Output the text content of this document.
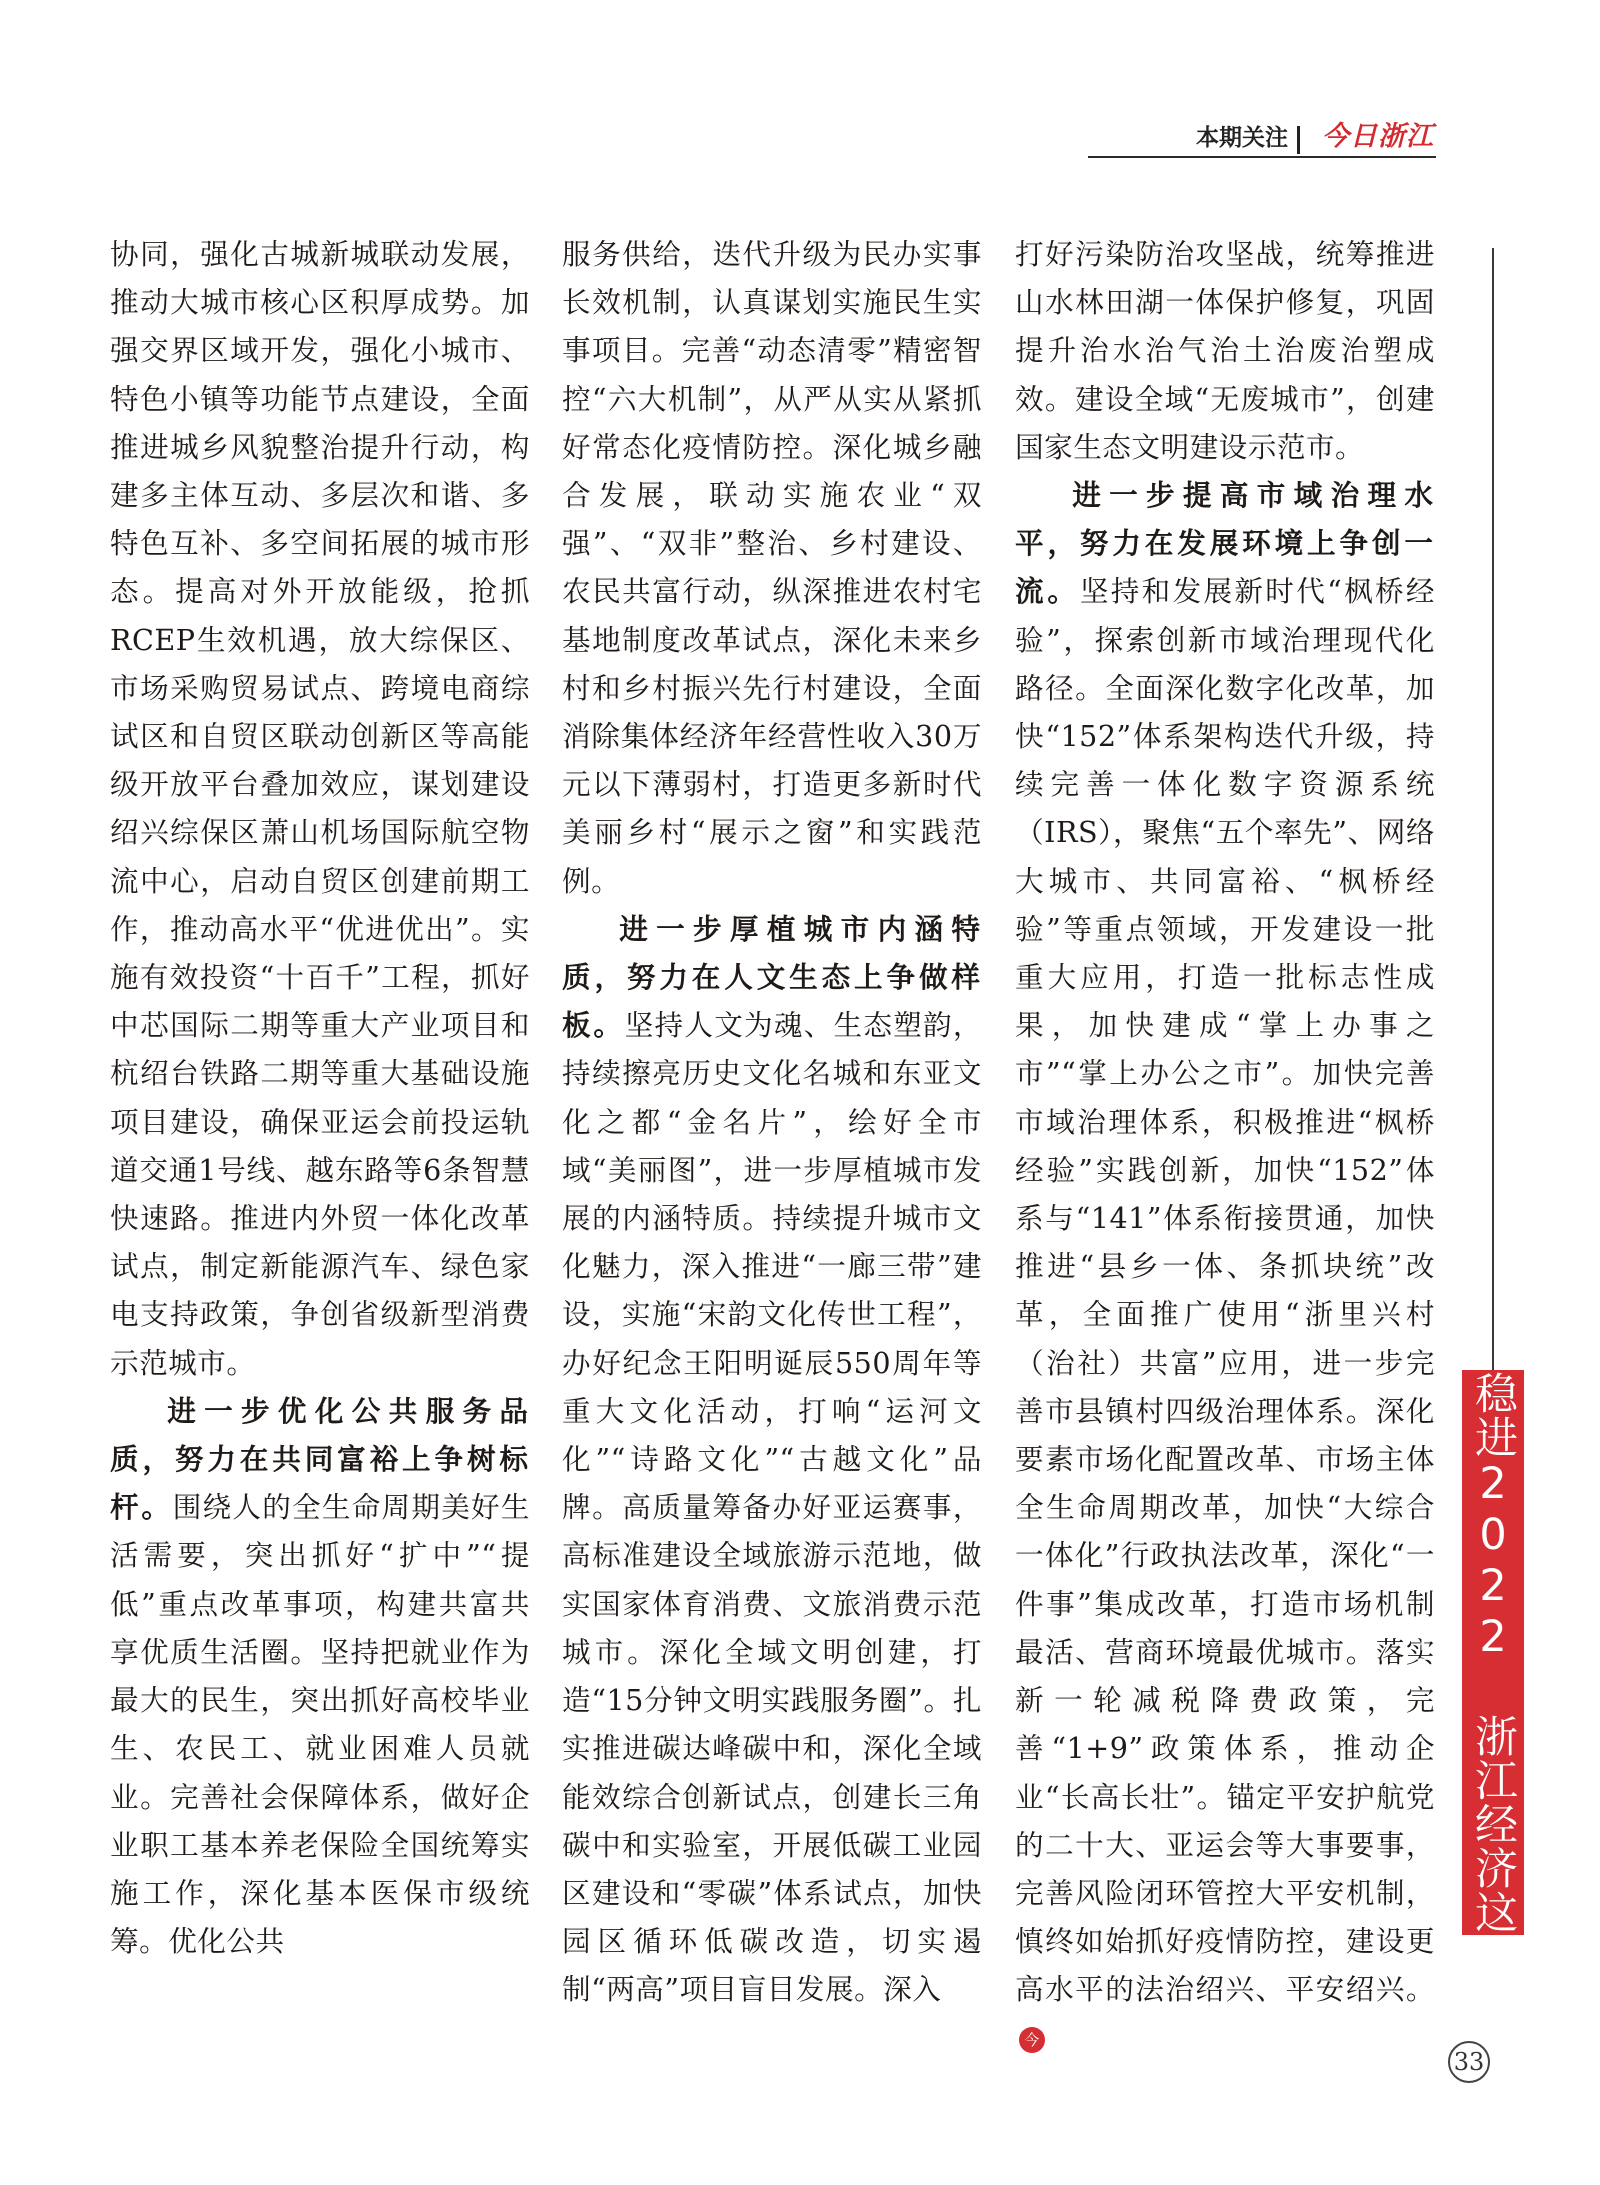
本期关注 今日浙江

协同，强化古城新城联动发展，推动大城市核心区积厚成势。加强交界区域开发，强化小城市、特色小镇等功能节点建设，全面推进城乡风貌整治提升行动，构建多主体互动、多层次和谐、多特色互补、多空间拓展的城市形态。提高对外开放能级，抢抓RCEP生效机遇，放大综保区、市场采购贸易试点、跨境电商综试区和自贸区联动创新区等高能级开放平台叠加效应，谋划建设绍兴综保区萧山机场国际航空物流中心，启动自贸区创建前期工作，推动高水平“优进优出”。实施有效投资“十百千”工程，抓好中芯国际二期等重大产业项目和杭绍台铁路二期等重大基础设施项目建设，确保亚运会前投运轨道交通1号线、越东路等6条智慧快速路。推进内外贸一体化改革试点，制定新能源汽车、绿色家电支持政策，争创省级新型消费示范城市。

进一步优化公共服务品质，努力在共同富裕上争树标杆。围绕人的全生命周期美好生活需要，突出抓好“扩中”“提低”重点改革事项，构建共富共享优质生活圈。坚持把就业作为最大的民生，突出抓好高校毕业生、农民工、就业困难人员就业。完善社会保障体系，做好企业职工基本养老保险全国统筹实施工作，深化基本医保市级统筹。优化公共

服务供给，迭代升级为民办实事长效机制，认真谋划实施民生实事项目。完善“动态清零”精密智控“六大机制”，从严从实从紧抓好常态化疫情防控。深化城乡融合发展，联动实施农业“双强”、“双非”整治、乡村建设、农民共富行动，纵深推进农村宅基地制度改革试点，深化未来乡村和乡村振兴先行村建设，全面消除集体经济年经营性收入30万元以下薄弱村，打造更多新时代美丽乡村“展示之窗”和实践范例。

进一步厚植城市内涵特质，努力在人文生态上争做样板。坚持人文为魂、生态塑韵，持续擦亮历史文化名城和东亚文化之都“金名片”，绘好全市域“美丽图”，进一步厚植城市发展的内涵特质。持续提升城市文化魅力，深入推进“一廊三带”建设，实施“宋韵文化传世工程”，办好纪念王阳明诞辰550周年等重大文化活动，打响“运河文化”“诗路文化”“古越文化”品牌。高质量筹备办好亚运赛事，高标准建设全域旅游示范地，做实国家体育消费、文旅消费示范城市。深化全域文明创建，打造“15分钟文明实践服务圈”。扎实推进碳达峰碳中和，深化全域能效综合创新试点，创建长三角碳中和实验室，开展低碳工业园区建设和“零碳”体系试点，加快园区循环低碳改造，切实遏制“两高”项目盲目发展。深入

打好污染防治攻坚战，统筹推进山水林田湖一体保护修复，巩固提升治水治气治土治废治塑成效。建设全域“无废城市”，创建国家生态文明建设示范市。

进一步提高市域治理水平，努力在发展环境上争创一流。坚持和发展新时代“枫桥经验”，探索创新市域治理现代化路径。全面深化数字化改革，加快“152”体系架构迭代升级，持续完善一体化数字资源系统（IRS），聚焦“五个率先”、网络大城市、共同富裕、“枫桥经验”等重点领域，开发建设一批重大应用，打造一批标志性成果，加快建成“掌上办事之市”“掌上办公之市”。加快完善市域治理体系，积极推进“枫桥经验”实践创新，加快“152”体系与“141”体系衔接贯通，加快推进“县乡一体、条抓块统”改革，全面推广使用“浙里兴村（治社）共富”应用，进一步完善市县镇村四级治理体系。深化要素市场化配置改革、市场主体全生命周期改革，加快“大综合一体化”行政执法改革，深化“一件事”集成改革，打造市场机制最活、营商环境最优城市。落实新一轮减税降费政策，完善“1+9”政策体系，推动企业“长高长壮”。锚定平安护航党的二十大、亚运会等大事要事，完善风险闭环管控大平安机制，慎终如始抓好疫情防控，建设更高水平的法治绍兴、平安绍兴。今

稳进2022 浙江经济这样干
33
